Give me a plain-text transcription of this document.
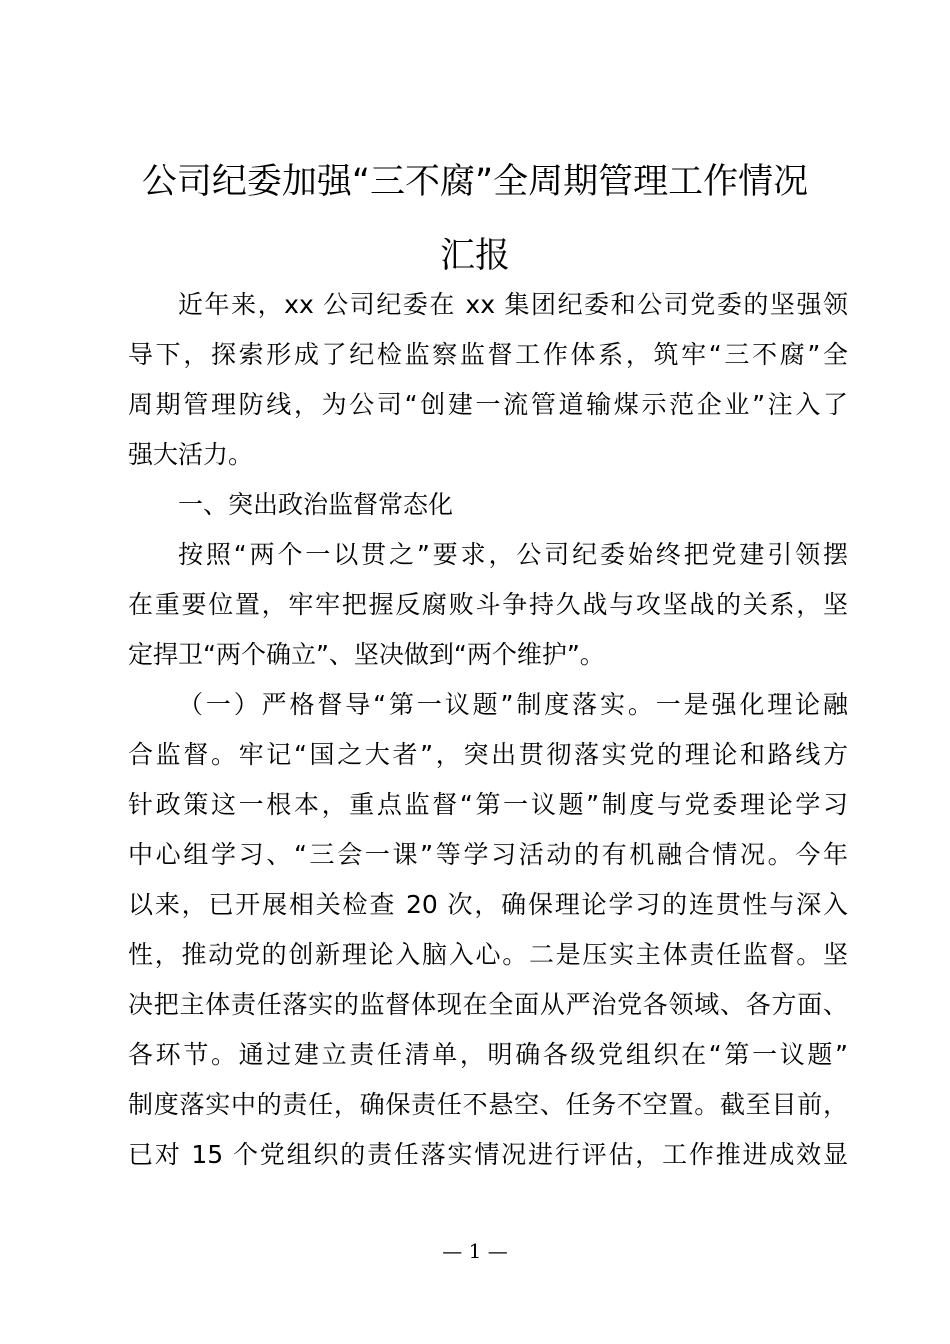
公司纪委加强“三不腐”全周期管理工作情况
汇报
近年来，xx 公司纪委在 xx 集团纪委和公司党委的坚强领
导下，探索形成了纪检监察监督工作体系，筑牢“三不腐”全
周期管理防线，为公司“创建一流管道输煤示范企业”注入了
强大活力。
一、突出政治监督常态化
按照“两个一以贯之”要求，公司纪委始终把党建引领摆
在重要位置，牢牢把握反腐败斗争持久战与攻坚战的关系，坚
定捍卫“两个确立”、坚决做到“两个维护”。
（一）严格督导“第一议题”制度落实。一是强化理论融
合监督。牢记“国之大者”，突出贯彻落实党的理论和路线方
针政策这一根本，重点监督“第一议题”制度与党委理论学习
中心组学习、“三会一课”等学习活动的有机融合情况。今年
以来，已开展相关检查 20 次，确保理论学习的连贯性与深入
性，推动党的创新理论入脑入心。二是压实主体责任监督。坚
决把主体责任落实的监督体现在全面从严治党各领域、各方面、
各环节。通过建立责任清单，明确各级党组织在“第一议题”
制度落实中的责任，确保责任不悬空、任务不空置。截至目前，
已对 15 个党组织的责任落实情况进行评估，工作推进成效显
— 1 —
